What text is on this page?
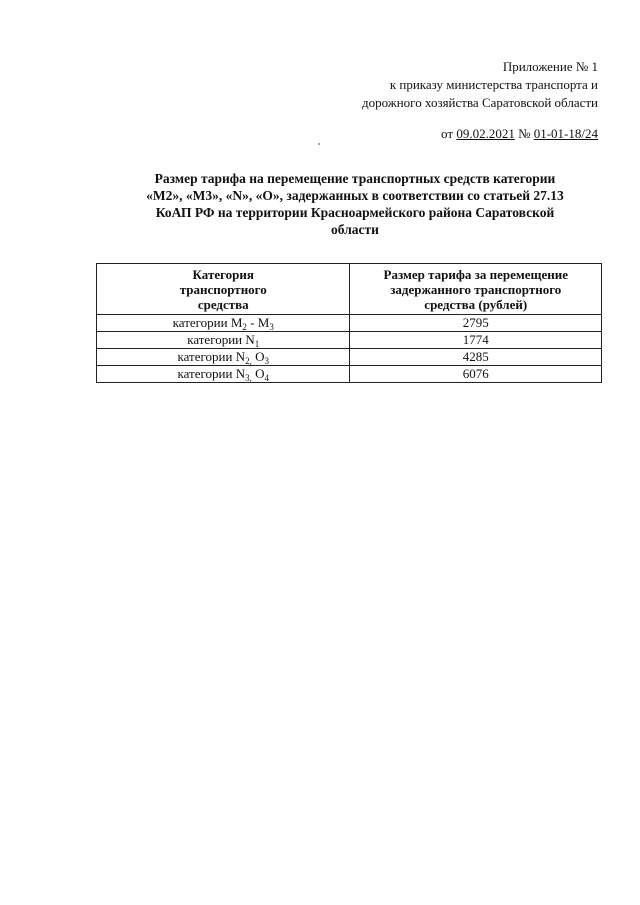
Приложение № 1
к приказу министерства транспорта и
дорожного хозяйства Саратовской области
от 09.02.2021 № 01-01-18/24
Размер тарифа на перемещение транспортных средств категории
«М2», «М3», «N», «О», задержанных в соответствии со статьей 27.13
КоАП РФ на территории Красноармейского района Саратовской
области
Категория
транспортного
средства	Размер тарифа за перемещение
задержанного транспортного
средства (рублей)

категории $M_2 - M_3$	2795
категории $N_1$	1774
категории $N_{2,}$ $O_3$	4285
категории $N_{3,}$ $O_4$	6076
